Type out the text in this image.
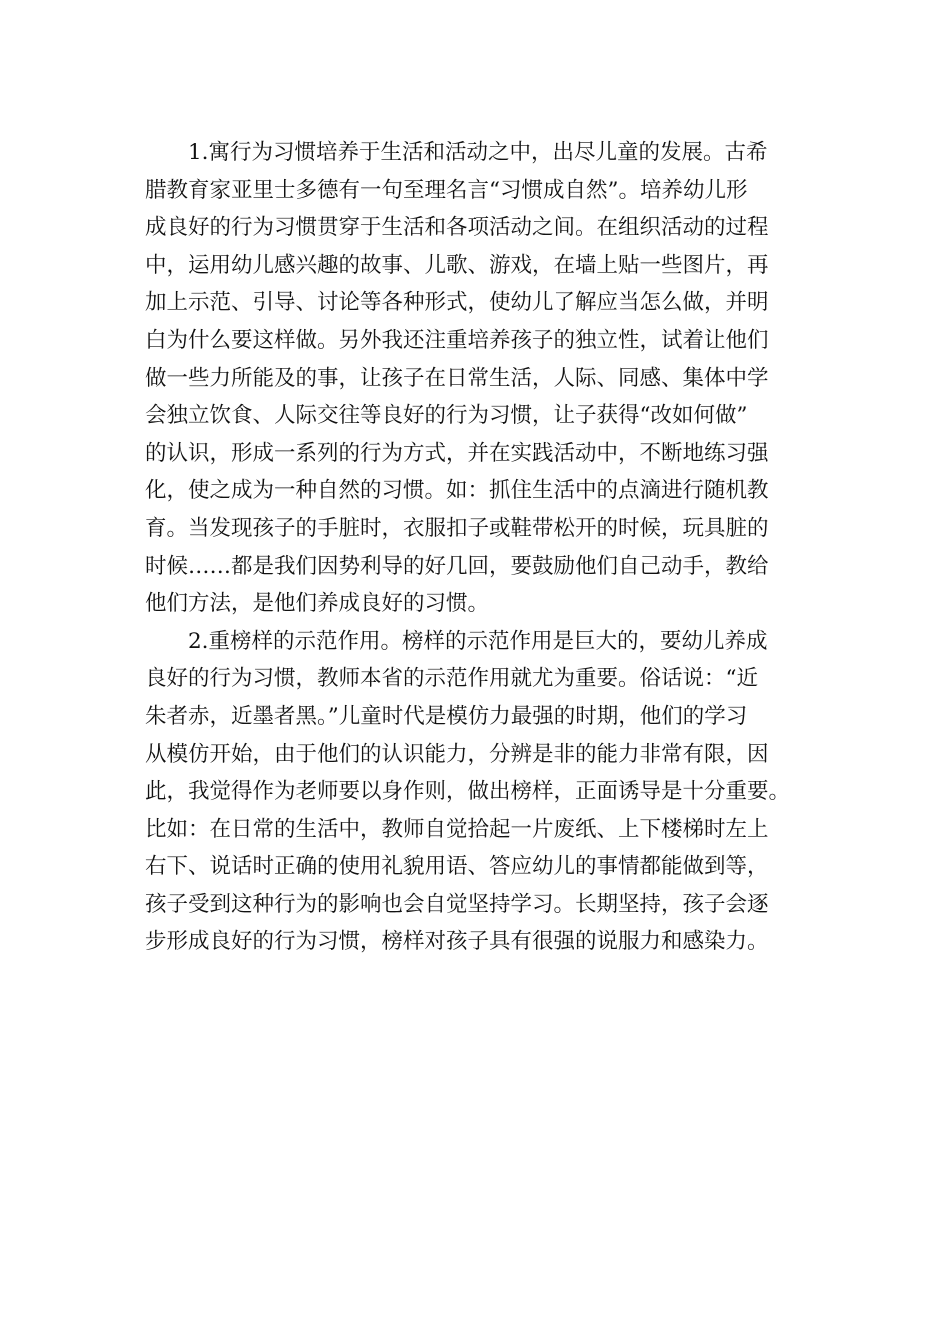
1.寓行为习惯培养于生活和活动之中，出尽儿童的发展。古希
腊教育家亚里士多德有一句至理名言“习惯成自然”。培养幼儿形
成良好的行为习惯贯穿于生活和各项活动之间。在组织活动的过程
中，运用幼儿感兴趣的故事、儿歌、游戏，在墙上贴一些图片，再
加上示范、引导、讨论等各种形式，使幼儿了解应当怎么做，并明
白为什么要这样做。另外我还注重培养孩子的独立性，试着让他们
做一些力所能及的事，让孩子在日常生活，人际、同感、集体中学
会独立饮食、人际交往等良好的行为习惯，让子获得“改如何做”
的认识，形成一系列的行为方式，并在实践活动中，不断地练习强
化，使之成为一种自然的习惯。如：抓住生活中的点滴进行随机教
育。当发现孩子的手脏时，衣服扣子或鞋带松开的时候，玩具脏的
时候……都是我们因势利导的好几回，要鼓励他们自己动手，教给
他们方法，是他们养成良好的习惯。
2.重榜样的示范作用。榜样的示范作用是巨大的，要幼儿养成
良好的行为习惯，教师本省的示范作用就尤为重要。俗话说：“近
朱者赤，近墨者黑。”儿童时代是模仿力最强的时期，他们的学习
从模仿开始，由于他们的认识能力，分辨是非的能力非常有限，因
此，我觉得作为老师要以身作则，做出榜样，正面诱导是十分重要。
比如：在日常的生活中，教师自觉拾起一片废纸、上下楼梯时左上
右下、说话时正确的使用礼貌用语、答应幼儿的事情都能做到等，
孩子受到这种行为的影响也会自觉坚持学习。长期坚持，孩子会逐
步形成良好的行为习惯，榜样对孩子具有很强的说服力和感染力。
